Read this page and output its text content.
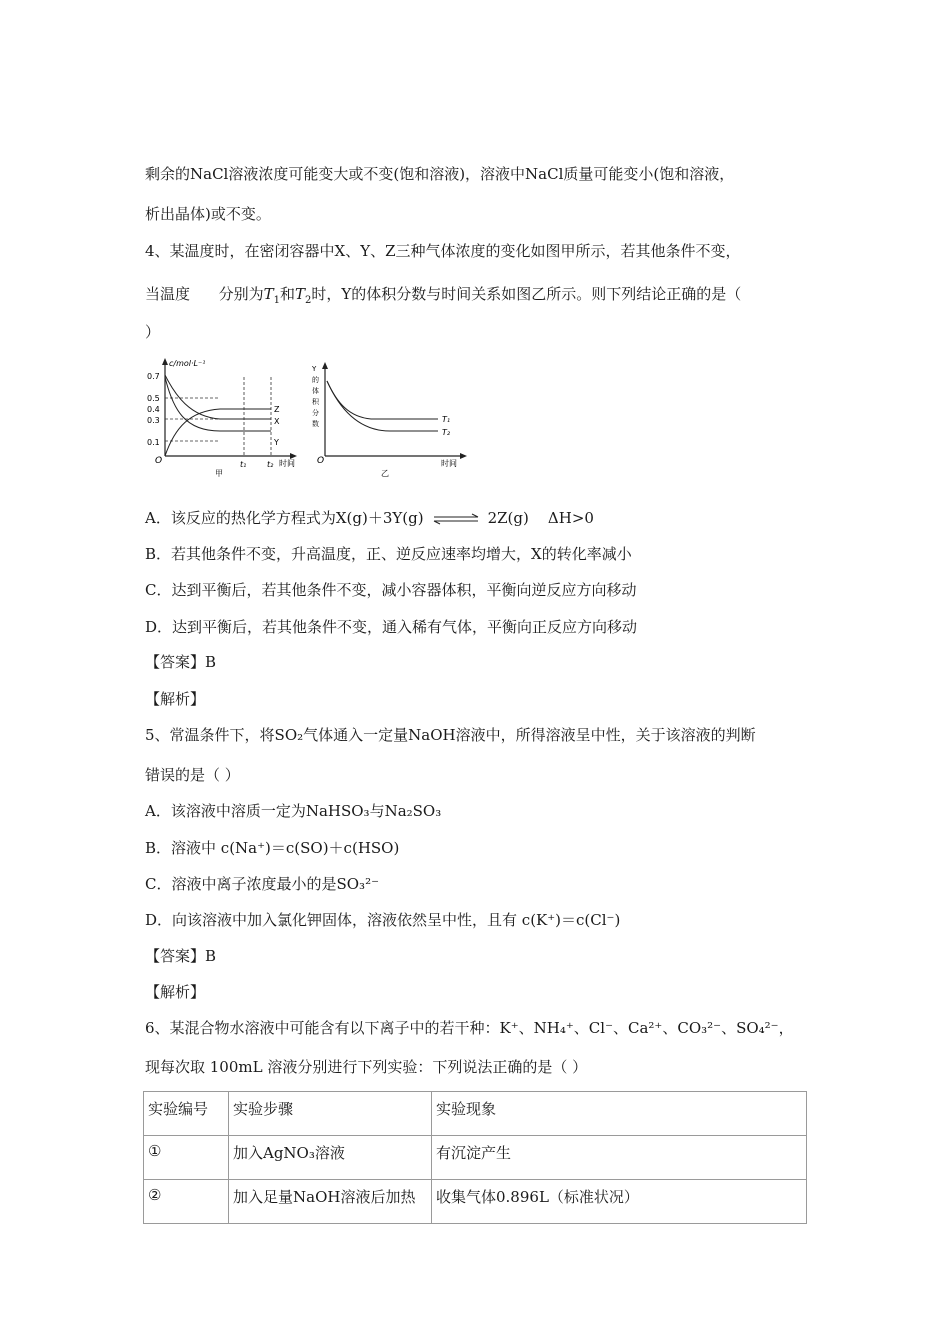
剩余的NaCl溶液浓度可能变大或不变(饱和溶液)，溶液中NaCl质量可能变小(饱和溶液，
析出晶体)或不变。
4、某温度时，在密闭容器中X、Y、Z三种气体浓度的变化如图甲所示，若其他条件不变，
当温度      分别为$T_1$和$T_2$时，Y的体积分数与时间关系如图乙所示。则下列结论正确的是（
）
c/mol·L⁻¹
0.7
0.5
0.4
0.3
0.1
O
Z
X
Y
t₁	t₂ 时间
甲
Y
的
体
积
分
数
O
T₁
T₂
时间
乙
A．该反应的热化学方程式为X(g)＋3Y(g) ⇌ 2Z(g)    ΔH>0
B．若其他条件不变，升高温度，正、逆反应速率均增大，X的转化率减小
C．达到平衡后，若其他条件不变，减小容器体积，平衡向逆反应方向移动
D．达到平衡后，若其他条件不变，通入稀有气体，平衡向正反应方向移动
【答案】B
【解析】
5、常温条件下，将SO₂气体通入一定量NaOH溶液中，所得溶液呈中性，关于该溶液的判断
错误的是（ ）
A．该溶液中溶质一定为NaHSO₃与Na₂SO₃
B．溶液中 c(Na⁺)＝c(SO)＋c(HSO)
C．溶液中离子浓度最小的是SO₃²⁻
D．向该溶液中加入氯化钾固体，溶液依然呈中性，且有 c(K⁺)＝c(Cl⁻)
【答案】B
【解析】
6、某混合物水溶液中可能含有以下离子中的若干种：K⁺、NH₄⁺、Cl⁻、Ca²⁺、CO₃²⁻、SO₄²⁻，
现每次取 100mL 溶液分别进行下列实验：下列说法正确的是（ ）
实验编号	实验步骤	实验现象
①	加入AgNO₃溶液	有沉淀产生
②	加入足量NaOH溶液后加热	收集气体0.896L（标准状况）
